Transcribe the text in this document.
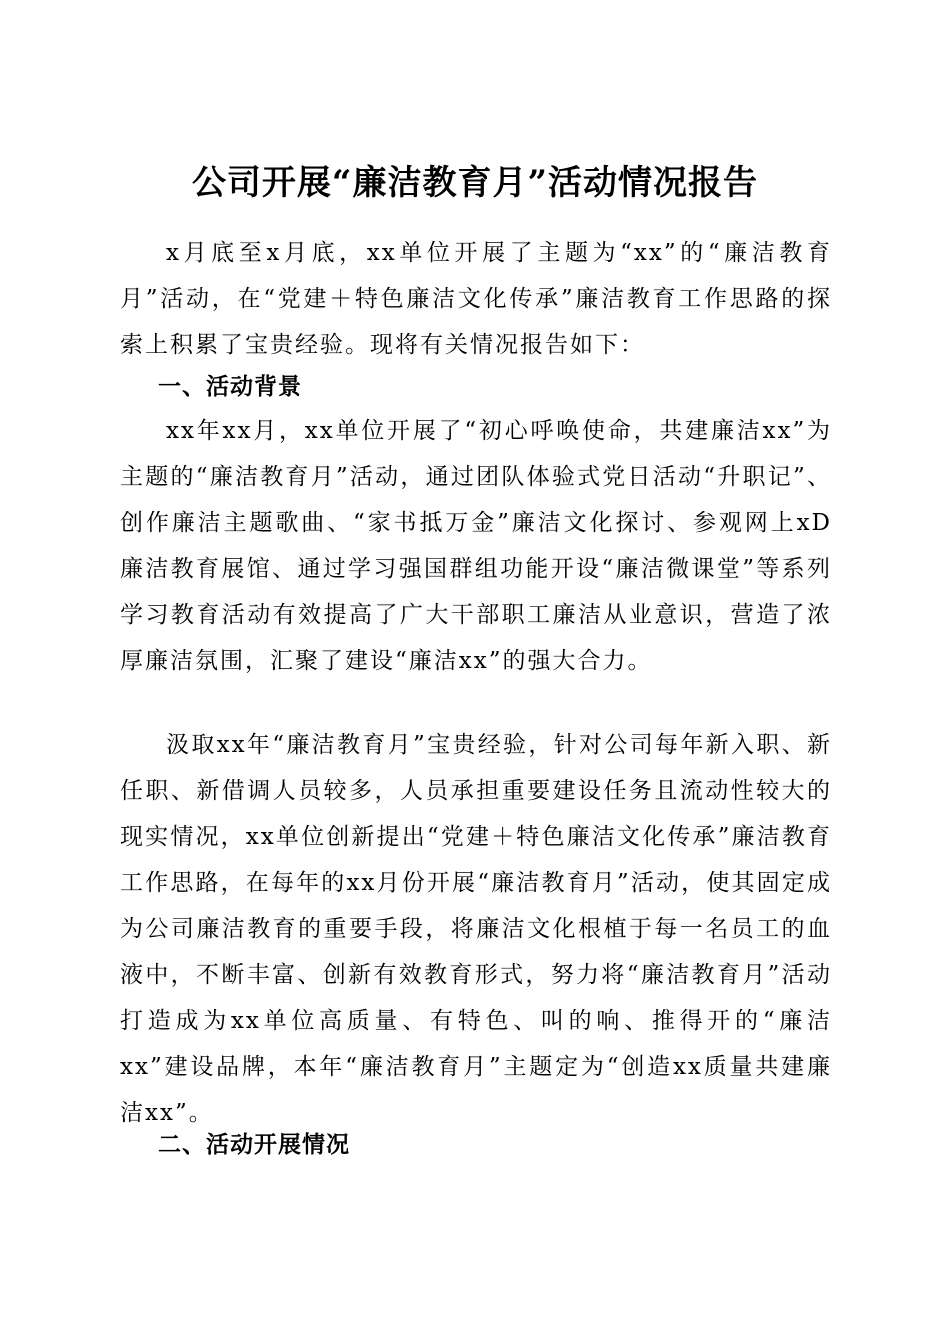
公司开展“廉洁教育月”活动情况报告

x月底至x月底，xx单位开展了主题为“xx”的“廉洁教育月”活动，在“党建＋特色廉洁文化传承”廉洁教育工作思路的探索上积累了宝贵经验。现将有关情况报告如下：

一、活动背景

xx年xx月，xx单位开展了“初心呼唤使命，共建廉洁xx”为主题的“廉洁教育月”活动，通过团队体验式党日活动“升职记”、创作廉洁主题歌曲、“家书抵万金”廉洁文化探讨、参观网上xD廉洁教育展馆、通过学习强国群组功能开设“廉洁微课堂”等系列学习教育活动有效提高了广大干部职工廉洁从业意识，营造了浓厚廉洁氛围，汇聚了建设“廉洁xx”的强大合力。

汲取xx年“廉洁教育月”宝贵经验，针对公司每年新入职、新任职、新借调人员较多，人员承担重要建设任务且流动性较大的现实情况，xx单位创新提出“党建＋特色廉洁文化传承”廉洁教育工作思路，在每年的xx月份开展“廉洁教育月”活动，使其固定成为公司廉洁教育的重要手段，将廉洁文化根植于每一名员工的血液中，不断丰富、创新有效教育形式，努力将“廉洁教育月”活动打造成为xx单位高质量、有特色、叫的响、推得开的“廉洁xx”建设品牌，本年“廉洁教育月”主题定为“创造xx质量共建廉洁xx”。

二、活动开展情况
